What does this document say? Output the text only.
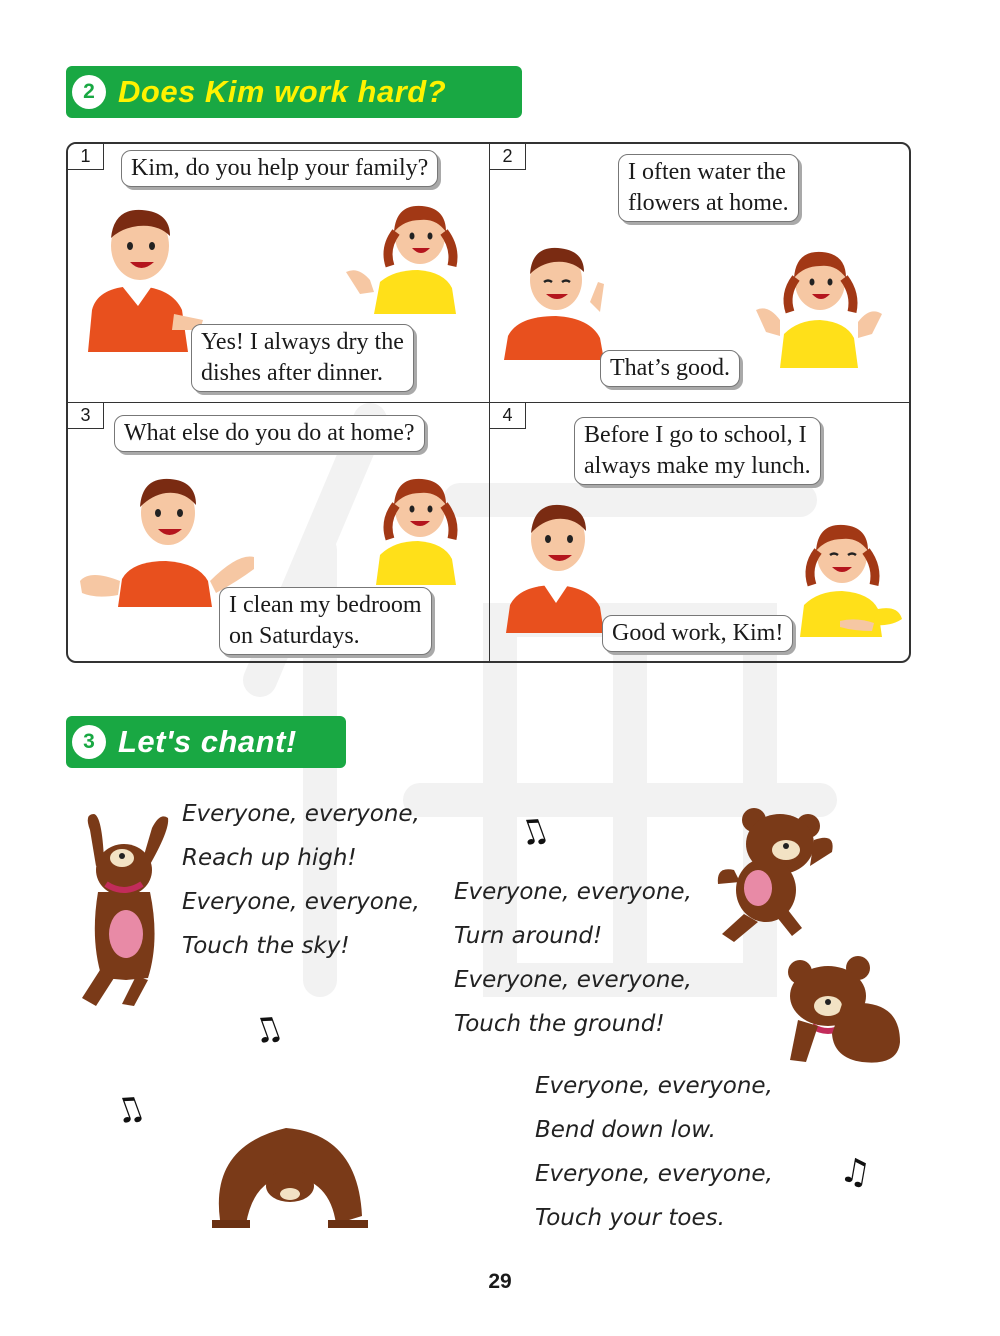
2 Does Kim work hard?
1	Kim, do you help your family?
Yes! I always dry the
dishes after dinner.
2
I often water the
flowers at home.
That’s good.
3
What else do you do at home?
I clean my bedroom
on Saturdays.
4
Before I go to school, I
always make my lunch.
Good work, Kim!
3 Let's chant!
Everyone, everyone,
Reach up high!
Everyone, everyone,
Touch the sky!
Everyone, everyone,
Turn around!
Everyone, everyone,
Touch the ground!
Everyone, everyone,
Bend down low.
Everyone, everyone,
Touch your toes.
♫
♫
♫
♫
29
